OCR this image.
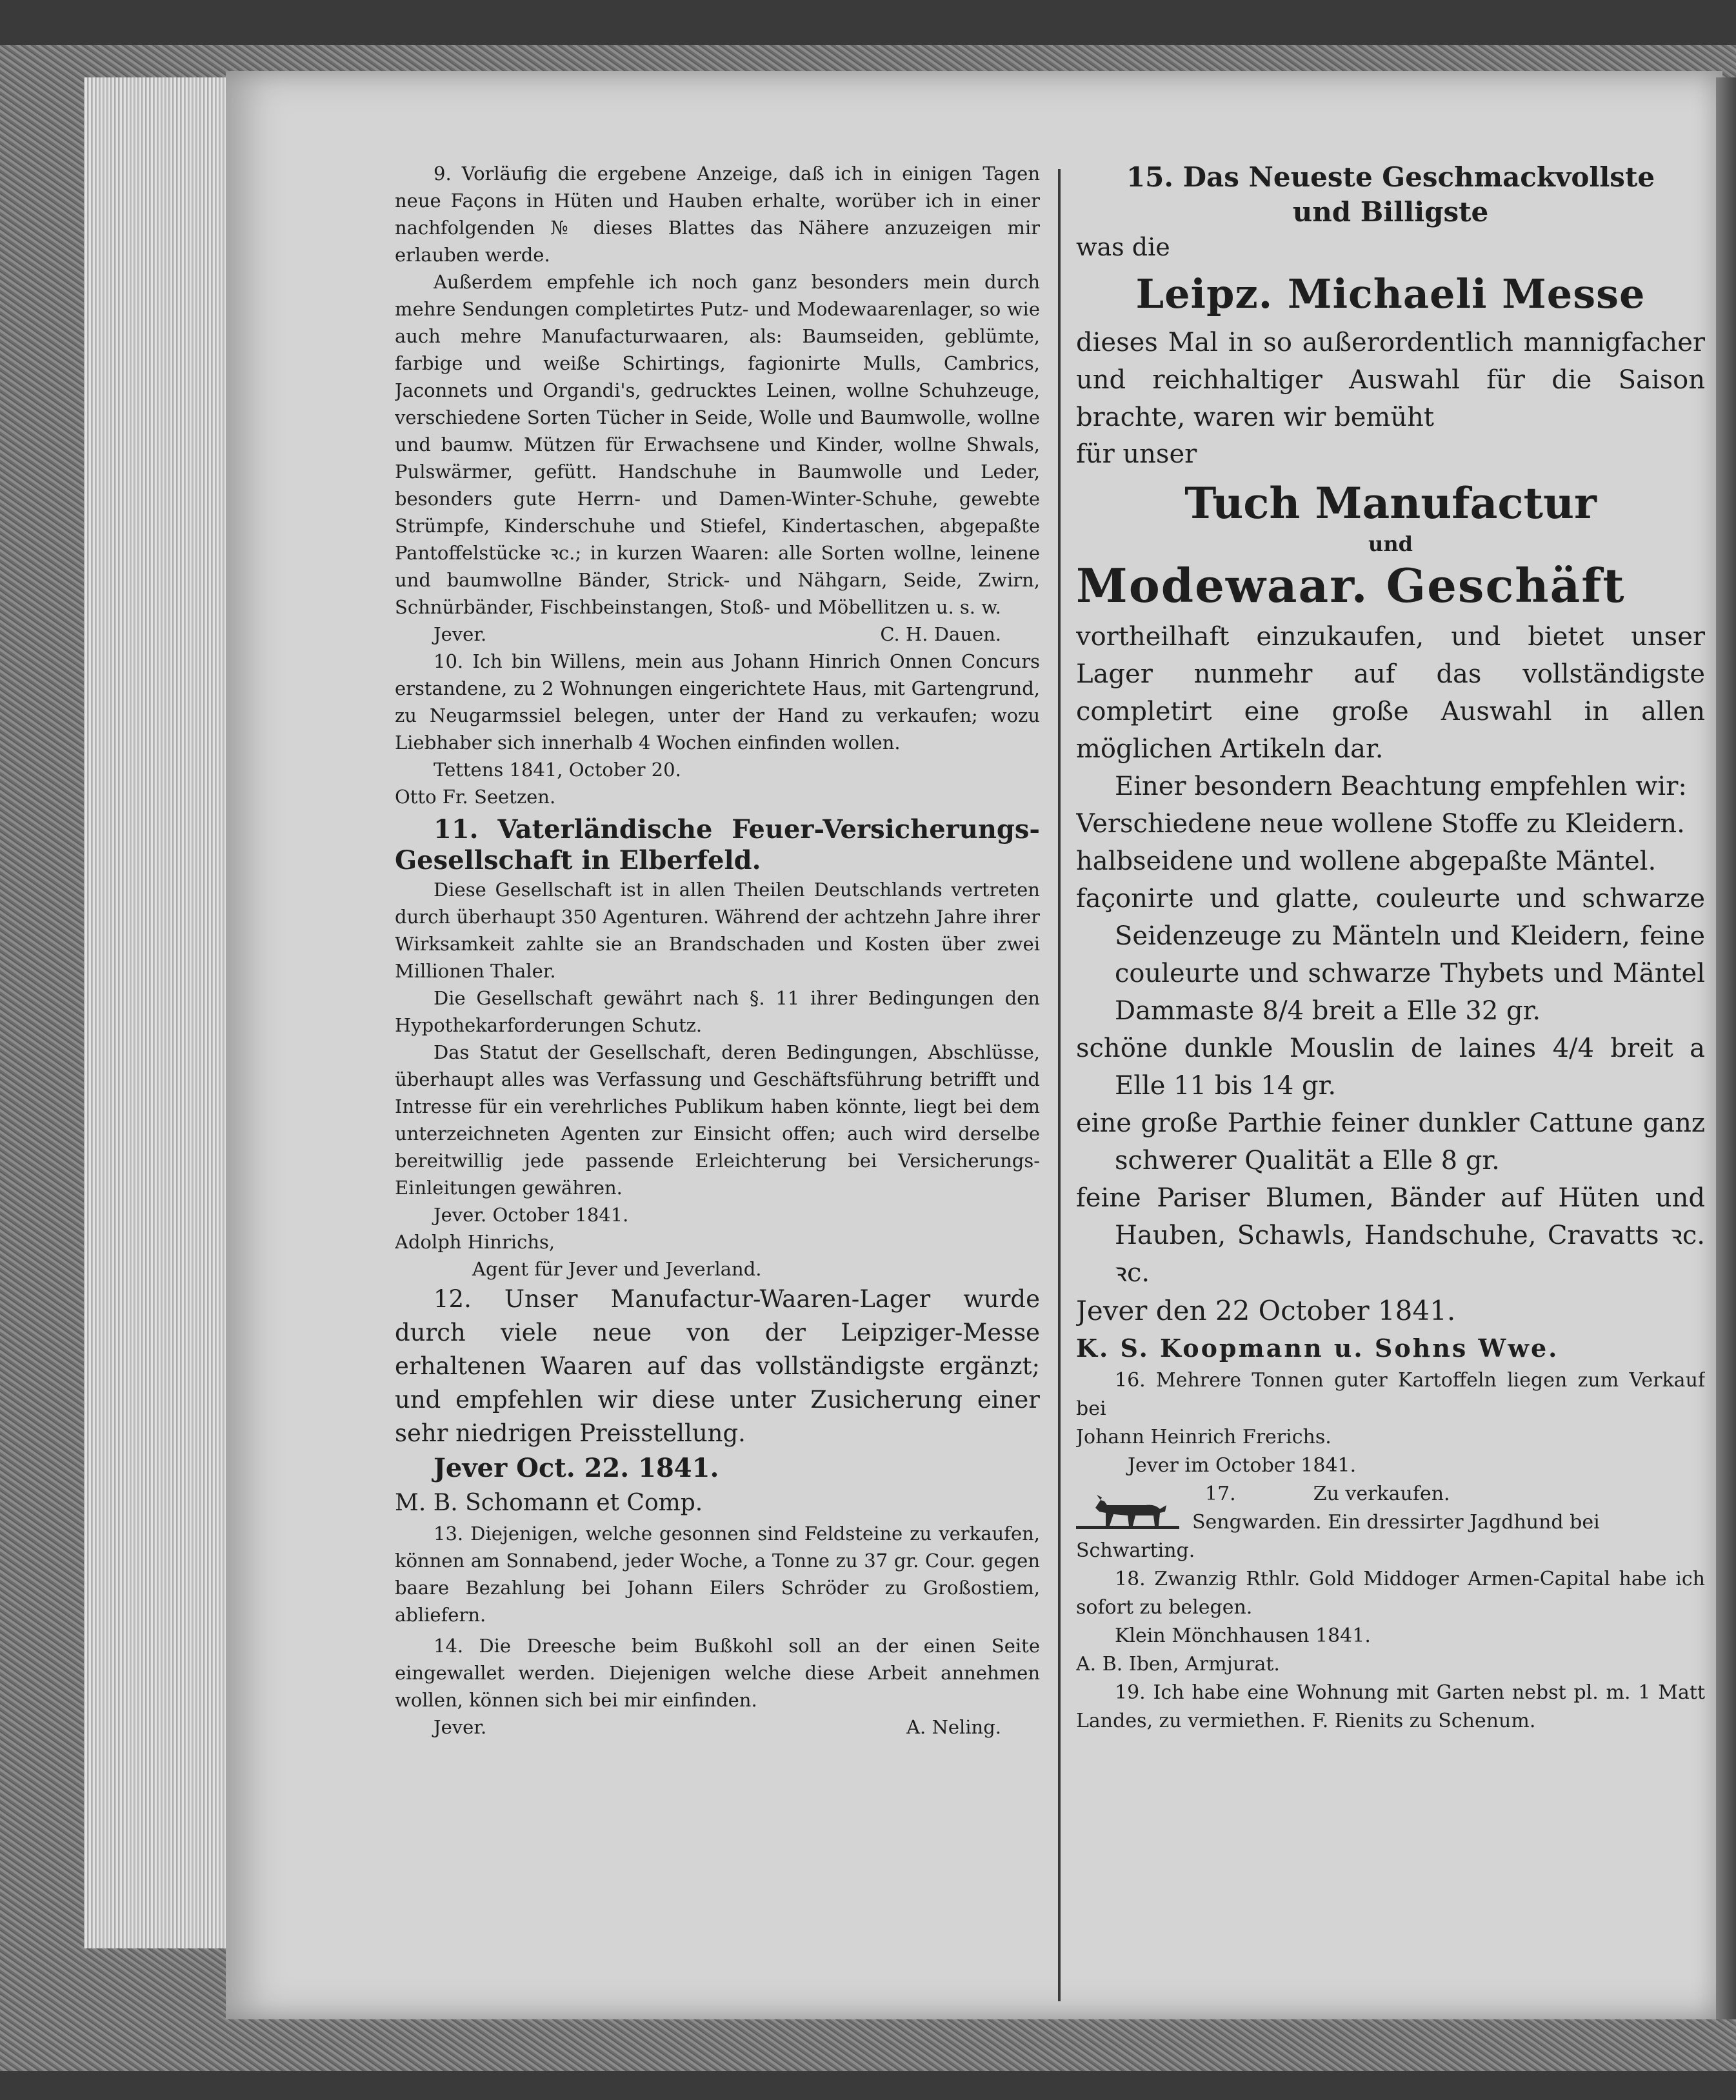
9. Vorläufig die ergebene Anzeige, daß ich in einigen Tagen neue Façons in Hüten und Hauben erhalte, worüber ich in einer nachfolgenden № dieses Blattes das Nähere anzuzeigen mir erlauben werde.

Außerdem empfehle ich noch ganz besonders mein durch mehre Sendungen completirtes Putz- und Modewaarenlager, so wie auch mehre Manufacturwaaren, als: Baumseiden, geblümte, farbige und weiße Schirtings, fagionirte Mulls, Cambrics, Jaconnets und Organdi's, gedrucktes Leinen, wollne Schuhzeuge, verschiedene Sorten Tücher in Seide, Wolle und Baumwolle, wollne und baumw. Mützen für Erwachsene und Kinder, wollne Shwals, Pulswärmer, gefütt. Handschuhe in Baumwolle und Leder, besonders gute Herrn- und Damen-Winter-Schuhe, gewebte Strümpfe, Kinderschuhe und Stiefel, Kindertaschen, abgepaßte Pantoffelstücke ꝛc.; in kurzen Waaren: alle Sorten wollne, leinene und baumwollne Bänder, Strick- und Nähgarn, Seide, Zwirn, Schnürbänder, Fischbeinstangen, Stoß- und Möbellitzen u. s. w.

Jever.	C. H. Dauen.

10. Ich bin Willens, mein aus Johann Hinrich Onnen Concurs erstandene, zu 2 Wohnungen eingerichtete Haus, mit Gartengrund, zu Neugarmssiel belegen, unter der Hand zu verkaufen; wozu Liebhaber sich innerhalb 4 Wochen einfinden wollen.

Tettens 1841, October 20.

Otto Fr. Seetzen.

11. Vaterländische Feuer-Versicherungs-Gesellschaft in Elberfeld.

Diese Gesellschaft ist in allen Theilen Deutschlands vertreten durch überhaupt 350 Agenturen. Während der achtzehn Jahre ihrer Wirksamkeit zahlte sie an Brandschaden und Kosten über zwei Millionen Thaler.

Die Gesellschaft gewährt nach §. 11 ihrer Bedingungen den Hypothekarforderungen Schutz.

Das Statut der Gesellschaft, deren Bedingungen, Abschlüsse, überhaupt alles was Verfassung und Geschäftsführung betrifft und Intresse für ein verehrliches Publikum haben könnte, liegt bei dem unterzeichneten Agenten zur Einsicht offen; auch wird derselbe bereitwillig jede passende Erleichterung bei Versicherungs-Einleitungen gewähren.

Jever. October 1841.

Adolph Hinrichs,

Agent für Jever und Jeverland.

12. Unser Manufactur-Waaren-Lager wurde durch viele neue von der Leipziger-Messe erhaltenen Waaren auf das vollständigste ergänzt; und empfehlen wir diese unter Zusicherung einer sehr niedrigen Preisstellung.

Jever Oct. 22. 1841.

M. B. Schomann et Comp.

13. Diejenigen, welche gesonnen sind Feldsteine zu verkaufen, können am Sonnabend, jeder Woche, a Tonne zu 37 gr. Cour. gegen baare Bezahlung bei Johann Eilers Schröder zu Großostiem, abliefern.

14. Die Dreesche beim Bußkohl soll an der einen Seite eingewallet werden. Diejenigen welche diese Arbeit annehmen wollen, können sich bei mir einfinden.

Jever.	A. Neling.

15. Das Neueste Geschmackvollste

und Billigste

was die

Leipz. Michaeli Messe

dieses Mal in so außerordentlich mannigfacher und reichhaltiger Auswahl für die Saison brachte, waren wir bemüht

für unser

Tuch Manufactur

und

Modewaar. Geschäft

vortheilhaft einzukaufen, und bietet unser Lager nunmehr auf das vollständigste completirt eine große Auswahl in allen möglichen Artikeln dar.

Einer besondern Beachtung empfehlen wir:

Verschiedene neue wollene Stoffe zu Kleidern.

halbseidene und wollene abgepaßte Mäntel.

façonirte und glatte, couleurte und schwarze Seidenzeuge zu Mänteln und Kleidern, feine couleurte und schwarze Thybets und Mäntel Dammaste 8/4 breit a Elle 32 gr.

schöne dunkle Mouslin de laines 4/4 breit a Elle 11 bis 14 gr.

eine große Parthie feiner dunkler Cattune ganz schwerer Qualität a Elle 8 gr.

feine Pariser Blumen, Bänder auf Hüten und Hauben, Schawls, Handschuhe, Cravatts ꝛc. ꝛc.

Jever den 22 October 1841.

K. S. Koopmann u. Sohns Wwe.

16. Mehrere Tonnen guter Kartoffeln liegen zum Verkauf bei

Johann Heinrich Frerichs.

Jever im October 1841.

17.	Zu verkaufen.

Sengwarden. Ein dressirter Jagdhund bei

Schwarting.

18. Zwanzig Rthlr. Gold Middoger Armen-Capital habe ich sofort zu belegen.

Klein Mönchhausen 1841.

A. B. Iben, Armjurat.

19. Ich habe eine Wohnung mit Garten nebst pl. m. 1 Matt Landes, zu vermiethen. F. Rienits zu Schenum.
